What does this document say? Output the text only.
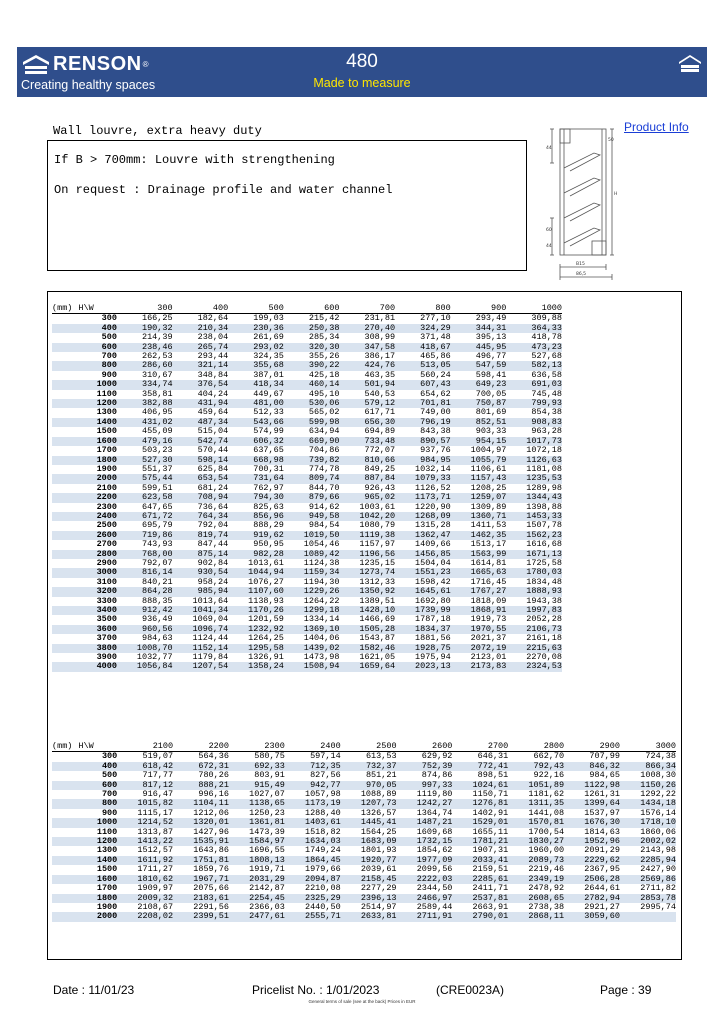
RENSON ®
Creating healthy spaces
480
Made to measure
Wall louvre, extra heavy duty	Product Info
If B > 700mm: Louvre with strengthening
On request : Drainage profile and water channel
50
44
H
60
44
B15
86,5
(mm) H\W	300	400	500	600	700	800	900	1000
300	166,25	182,64	199,03	215,42	231,81	277,10	293,49	309,88
400	190,32	210,34	230,36	250,38	270,40	324,29	344,31	364,33
500	214,39	238,04	261,69	285,34	308,99	371,48	395,13	418,78
600	238,46	265,74	293,02	320,30	347,58	418,67	445,95	473,23
700	262,53	293,44	324,35	355,26	386,17	465,86	496,77	527,68
800	286,60	321,14	355,68	390,22	424,76	513,05	547,59	582,13
900	310,67	348,84	387,01	425,18	463,35	560,24	598,41	636,58
1000	334,74	376,54	418,34	460,14	501,94	607,43	649,23	691,03
1100	358,81	404,24	449,67	495,10	540,53	654,62	700,05	745,48
1200	382,88	431,94	481,00	530,06	579,12	701,81	750,87	799,93
1300	406,95	459,64	512,33	565,02	617,71	749,00	801,69	854,38
1400	431,02	487,34	543,66	599,98	656,30	796,19	852,51	908,83
1500	455,09	515,04	574,99	634,94	694,89	843,38	903,33	963,28
1600	479,16	542,74	606,32	669,90	733,48	890,57	954,15	1017,73
1700	503,23	570,44	637,65	704,86	772,07	937,76	1004,97	1072,18
1800	527,30	598,14	668,98	739,82	810,66	984,95	1055,79	1126,63
1900	551,37	625,84	700,31	774,78	849,25	1032,14	1106,61	1181,08
2000	575,44	653,54	731,64	809,74	887,84	1079,33	1157,43	1235,53
2100	599,51	681,24	762,97	844,70	926,43	1126,52	1208,25	1289,98
2200	623,58	708,94	794,30	879,66	965,02	1173,71	1259,07	1344,43
2300	647,65	736,64	825,63	914,62	1003,61	1220,90	1309,89	1398,88
2400	671,72	764,34	856,96	949,58	1042,20	1268,09	1360,71	1453,33
2500	695,79	792,04	888,29	984,54	1080,79	1315,28	1411,53	1507,78
2600	719,86	819,74	919,62	1019,50	1119,38	1362,47	1462,35	1562,23
2700	743,93	847,44	950,95	1054,46	1157,97	1409,66	1513,17	1616,68
2800	768,00	875,14	982,28	1089,42	1196,56	1456,85	1563,99	1671,13
2900	792,07	902,84	1013,61	1124,38	1235,15	1504,04	1614,81	1725,58
3000	816,14	930,54	1044,94	1159,34	1273,74	1551,23	1665,63	1780,03
3100	840,21	958,24	1076,27	1194,30	1312,33	1598,42	1716,45	1834,48
3200	864,28	985,94	1107,60	1229,26	1350,92	1645,61	1767,27	1888,93
3300	888,35	1013,64	1138,93	1264,22	1389,51	1692,80	1818,09	1943,38
3400	912,42	1041,34	1170,26	1299,18	1428,10	1739,99	1868,91	1997,83
3500	936,49	1069,04	1201,59	1334,14	1466,69	1787,18	1919,73	2052,28
3600	960,56	1096,74	1232,92	1369,10	1505,28	1834,37	1970,55	2106,73
3700	984,63	1124,44	1264,25	1404,06	1543,87	1881,56	2021,37	2161,18
3800	1008,70	1152,14	1295,58	1439,02	1582,46	1928,75	2072,19	2215,63
3900	1032,77	1179,84	1326,91	1473,98	1621,05	1975,94	2123,01	2270,08
4000	1056,84	1207,54	1358,24	1508,94	1659,64	2023,13	2173,83	2324,53
(mm) H\W	2100	2200	2300	2400	2500	2600	2700	2800	2900	3000
300	519,07	564,36	580,75	597,14	613,53	629,92	646,31	662,70	707,99	724,38
400	618,42	672,31	692,33	712,35	732,37	752,39	772,41	792,43	846,32	866,34
500	717,77	780,26	803,91	827,56	851,21	874,86	898,51	922,16	984,65	1008,30
600	817,12	888,21	915,49	942,77	970,05	997,33	1024,61	1051,89	1122,98	1150,26
700	916,47	996,16	1027,07	1057,98	1088,89	1119,80	1150,71	1181,62	1261,31	1292,22
800	1015,82	1104,11	1138,65	1173,19	1207,73	1242,27	1276,81	1311,35	1399,64	1434,18
900	1115,17	1212,06	1250,23	1288,40	1326,57	1364,74	1402,91	1441,08	1537,97	1576,14
1000	1214,52	1320,01	1361,81	1403,61	1445,41	1487,21	1529,01	1570,81	1676,30	1718,10
1100	1313,87	1427,96	1473,39	1518,82	1564,25	1609,68	1655,11	1700,54	1814,63	1860,06
1200	1413,22	1535,91	1584,97	1634,03	1683,09	1732,15	1781,21	1830,27	1952,96	2002,02
1300	1512,57	1643,86	1696,55	1749,24	1801,93	1854,62	1907,31	1960,00	2091,29	2143,98
1400	1611,92	1751,81	1808,13	1864,45	1920,77	1977,09	2033,41	2089,73	2229,62	2285,94
1500	1711,27	1859,76	1919,71	1979,66	2039,61	2099,56	2159,51	2219,46	2367,95	2427,90
1600	1810,62	1967,71	2031,29	2094,87	2158,45	2222,03	2285,61	2349,19	2506,28	2569,86
1700	1909,97	2075,66	2142,87	2210,08	2277,29	2344,50	2411,71	2478,92	2644,61	2711,82
1800	2009,32	2183,61	2254,45	2325,29	2396,13	2466,97	2537,81	2608,65	2782,94	2853,78
1900	2108,67	2291,56	2366,03	2440,50	2514,97	2589,44	2663,91	2738,38	2921,27	2995,74
2000	2208,02	2399,51	2477,61	2555,71	2633,81	2711,91	2790,01	2868,11	3059,60	
Date : 11/01/23	Pricelist No. : 1/01/2023	(CRE0023A)	Page : 39
General terms of sale (see at the back) Prices in EUR
